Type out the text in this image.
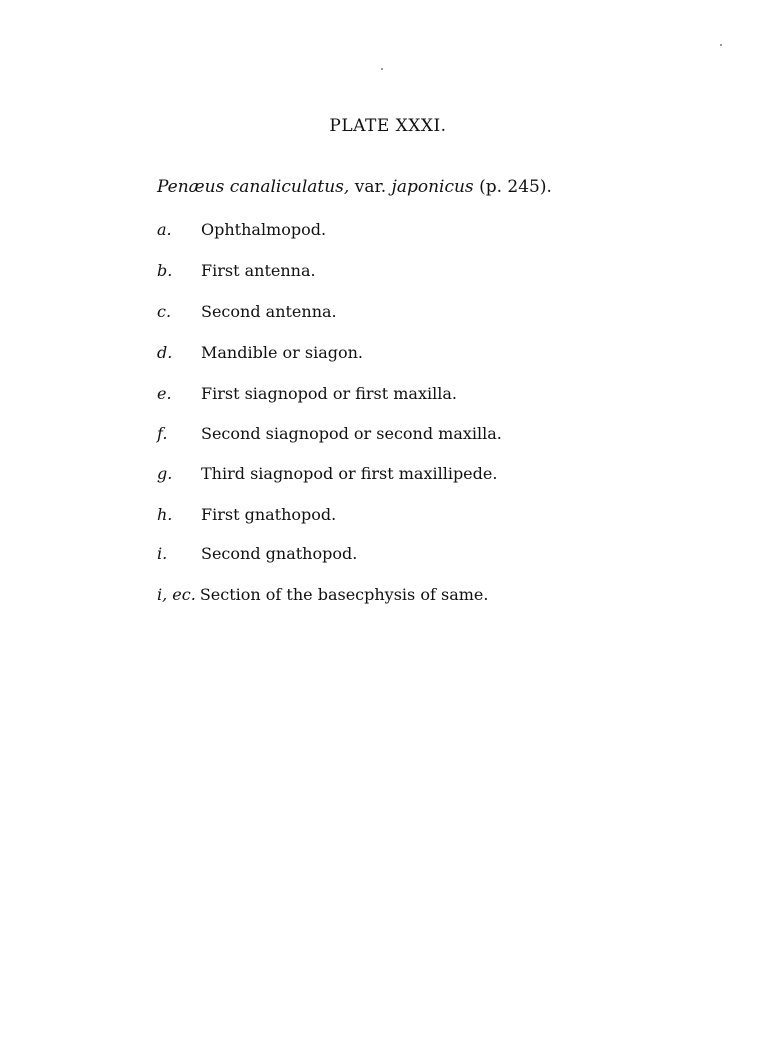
PLATE XXXI.

Penæus canaliculatus, var. japonicus (p. 245).

a. Ophthalmopod.
b. First antenna.
c. Second antenna.
d. Mandible or siagon.
e. First siagnopod or first maxilla.
f. Second siagnopod or second maxilla.
g. Third siagnopod or first maxillipede.
h. First gnathopod.
i. Second gnathopod.
i, ec. Section of the basecphysis of same.
